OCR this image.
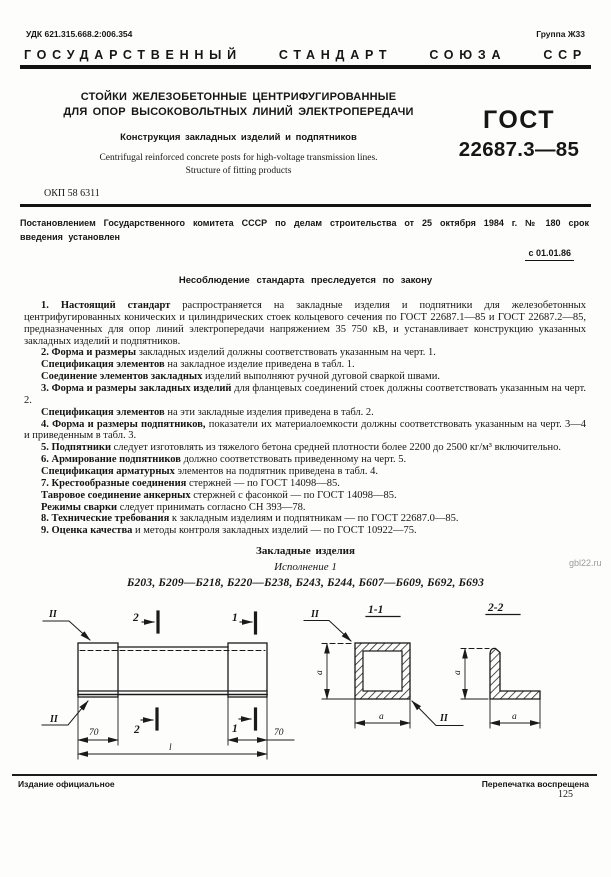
УДК 621.315.668.2:006.354	Группа Ж33
ГОСУДАРСТВЕННЫЙ	СТАНДАРТ	СОЮЗА	ССР
СТОЙКИ ЖЕЛЕЗОБЕТОННЫЕ ЦЕНТРИФУГИРОВАННЫЕ
ДЛЯ ОПОР ВЫСОКОВОЛЬТНЫХ ЛИНИЙ ЭЛЕКТРОПЕРЕДАЧИ
Конструкция закладных изделий и подпятников
Centrifugal reinforced concrete posts for high-voltage transmission lines.
Structure of fitting products
ГОСТ
22687.3—85
ОКП 58 6311
Постановлением Государственного комитета СССР по делам строительства от 25 октября 1984 г. № 180 срок введения установлен
с 01.01.86
Несоблюдение стандарта преследуется по закону

1. Настоящий стандарт распространяется на закладные изделия и подпятники для железобетонных центрифугированных конических и цилиндрических стоек кольцевого сечения по ГОСТ 22687.1—85 и ГОСТ 22687.2—85, предназначенных для опор линий электропередачи напряжением 35 750 кВ, и устанавливает конструкцию указанных закладных изделий и подпятников.

2. Форма и размеры закладных изделий должны соответствовать указанным на черт. 1.

Спецификация элементов на закладное изделие приведена в табл. 1.

Соединение элементов закладных изделий выполняют ручной дуговой сваркой швами.

3. Форма и размеры закладных изделий для фланцевых соединений стоек должны соответствовать указанным на черт. 2.

Спецификация элементов на эти закладные изделия приведена в табл. 2.

4. Форма и размеры подпятников, показатели их материалоемкости должны соответствовать указанным на черт. 3—4 и приведенным в табл. 3.

5. Подпятники следует изготовлять из тяжелого бетона средней плотности более 2200 до 2500 кг/м³ включительно.

6. Армирование подпятников должно соответствовать приведенному на черт. 5.

Спецификация арматурных элементов на подпятник приведена в табл. 4.

7. Крестообразные соединения стержней — по ГОСТ 14098—85.

Тавровое соединение анкерных стержней с фасонкой — по ГОСТ 14098—85.

Режимы сварки следует принимать согласно СН 393—78.

8. Технические требования к закладным изделиям и подпятникам — по ГОСТ 22687.0—85.

9. Оценка качества и методы контроля закладных изделий — по ГОСТ 10922—75.

Закладные изделия
Исполнение 1
Б203, Б209—Б218, Б220—Б238, Б243, Б244, Б607—Б609, Б692, Б693
2	1
2	1
II
II
70	70
l
1-1
II
a
a	II
2-2
a
a
Издание официальное	Перепечатка воспрещена
125
gbl22.ru
